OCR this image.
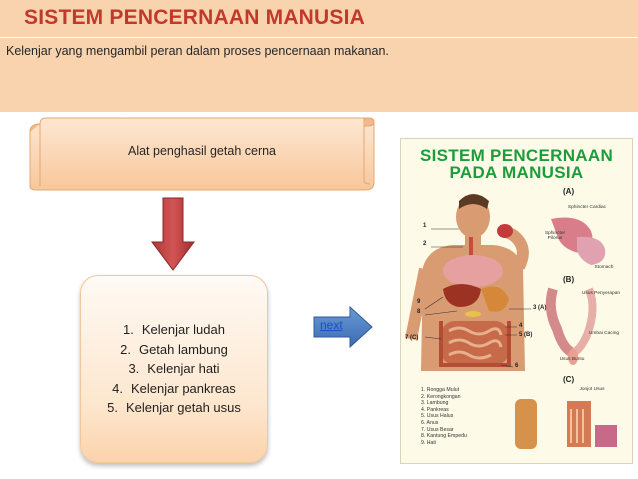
SISTEM PENCERNAAN MANUSIA

Kelenjar yang mengambil peran dalam proses pencernaan makanan.

Alat penghasil getah cerna
1. Kelenjar ludah
2. Getah lambung
3. Kelenjar hati
4. Kelenjar pankreas
5. Kelenjar getah usus
next
SISTEM PENCERNAAN
PADA MANUSIA
(A)
(B)
(C)
Sphincter Cardiac
Sphincter Pilorus
Stomach
Usus Penyerapan
Umbai Cacing
Usus Buntu
Jonjot Usus
1
2
9
8
7 (C)
3 (A)
4
5 (B)
6
1. Rongga Mulut
2. Kerongkongan
3. Lambung
4. Pankreas
5. Usus Halus
6. Anus
7. Usus Besar
8. Kantung Empedu
9. Hati
